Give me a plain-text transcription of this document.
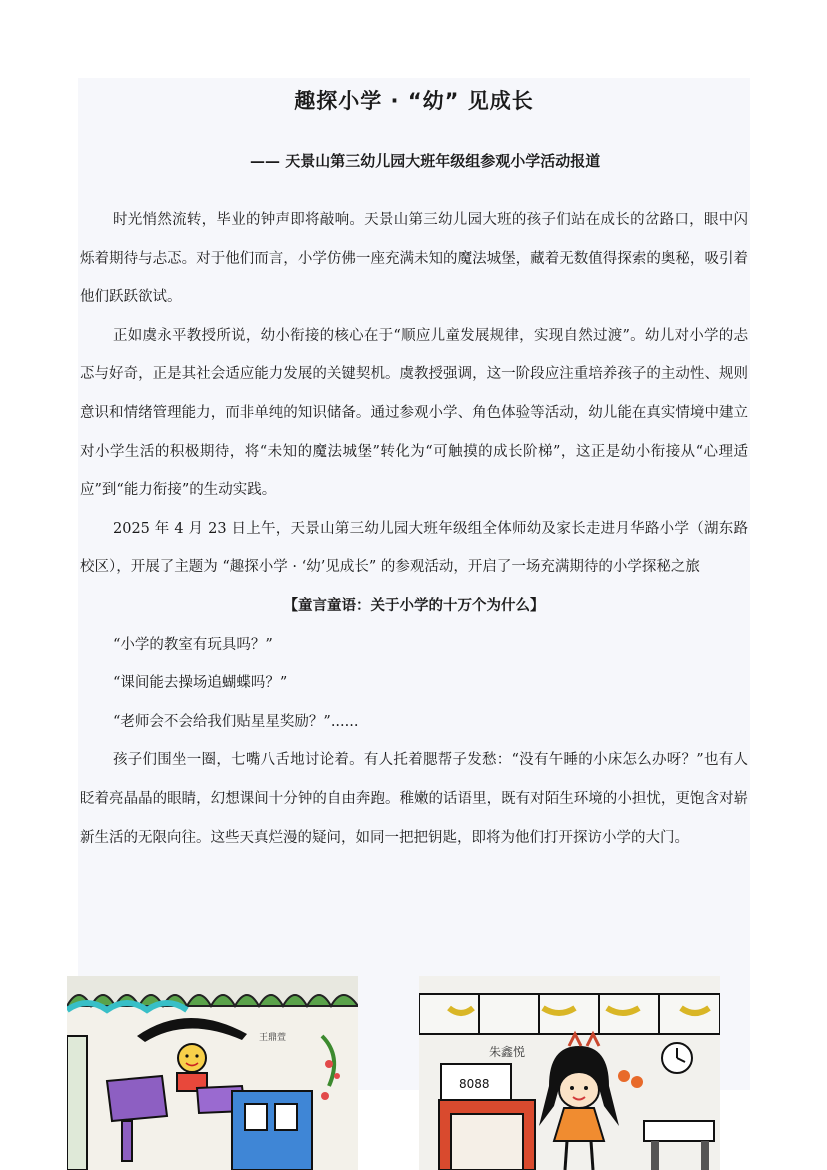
趣探小学 · “幼” 见成长
—— 天景山第三幼儿园大班年级组参观小学活动报道

时光悄然流转，毕业的钟声即将敲响。天景山第三幼儿园大班的孩子们站在成长的岔路口，眼中闪烁着期待与忐忑。对于他们而言，小学仿佛一座充满未知的魔法城堡，藏着无数值得探索的奥秘，吸引着他们跃跃欲试。

正如虞永平教授所说，幼小衔接的核心在于“顺应儿童发展规律，实现自然过渡”。幼儿对小学的忐忑与好奇，正是其社会适应能力发展的关键契机。虞教授强调，这一阶段应注重培养孩子的主动性、规则意识和情绪管理能力，而非单纯的知识储备。通过参观小学、角色体验等活动，幼儿能在真实情境中建立对小学生活的积极期待，将“未知的魔法城堡”转化为“可触摸的成长阶梯”，这正是幼小衔接从“心理适应”到“能力衔接”的生动实践。

2025 年 4 月 23 日上午，天景山第三幼儿园大班年级组全体师幼及家长走进月华路小学（湖东路校区），开展了主题为 “趣探小学 · ‘幼’见成长” 的参观活动，开启了一场充满期待的小学探秘之旅

【童言童语：关于小学的十万个为什么】

“小学的教室有玩具吗？”

“课间能去操场追蝴蝶吗？”

“老师会不会给我们贴星星奖励？”......

孩子们围坐一圈，七嘴八舌地讨论着。有人托着腮帮子发愁：“没有午睡的小床怎么办呀？”也有人眨着亮晶晶的眼睛，幻想课间十分钟的自由奔跑。稚嫩的话语里，既有对陌生环境的小担忧，更饱含对崭新生活的无限向往。这些天真烂漫的疑问，如同一把把钥匙，即将为他们打开探访小学的大门。

王鼎萱
8088
朱鑫悦
